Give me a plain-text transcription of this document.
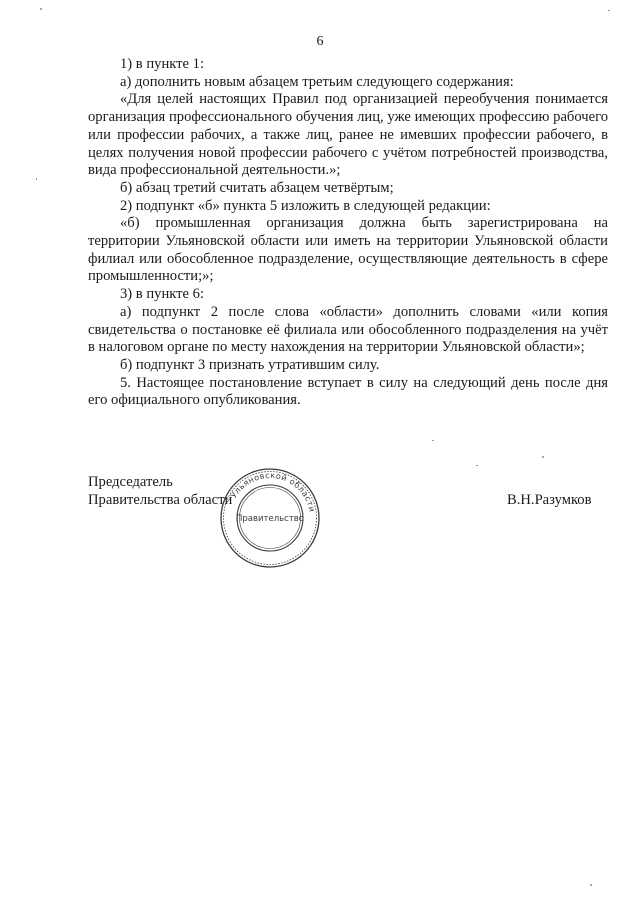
6

1) в пункте 1:

а) дополнить новым абзацем третьим следующего содержания:

«Для целей настоящих Правил под организацией переобучения понимается организация профессионального обучения лиц, уже имеющих профессию рабочего или профессии рабочих, а также лиц, ранее не имевших профессии рабочего, в целях получения новой профессии рабочего с учётом потребностей производства, вида профессиональной деятельности.»;

б) абзац третий считать абзацем четвёртым;

2) подпункт «б» пункта 5 изложить в следующей редакции:

«б) промышленная организация должна быть зарегистрирована на территории Ульяновской области или иметь на территории Ульяновской области филиал или обособленное подразделение, осуществляющие деятельность в сфере промышленности;»;

3) в пункте 6:

а) подпункт 2 после слова «области» дополнить словами «или копия свидетельства о постановке её филиала или обособленного подразделения на учёт в налоговом органе по месту нахождения на территории Ульяновской области»;

б) подпункт 3 признать утратившим силу.

5. Настоящее постановление вступает в силу на следующий день после дня его официального опубликования.

Председатель
Правительства области
Ульяновской области
Правительство
В.Н.Разумков
